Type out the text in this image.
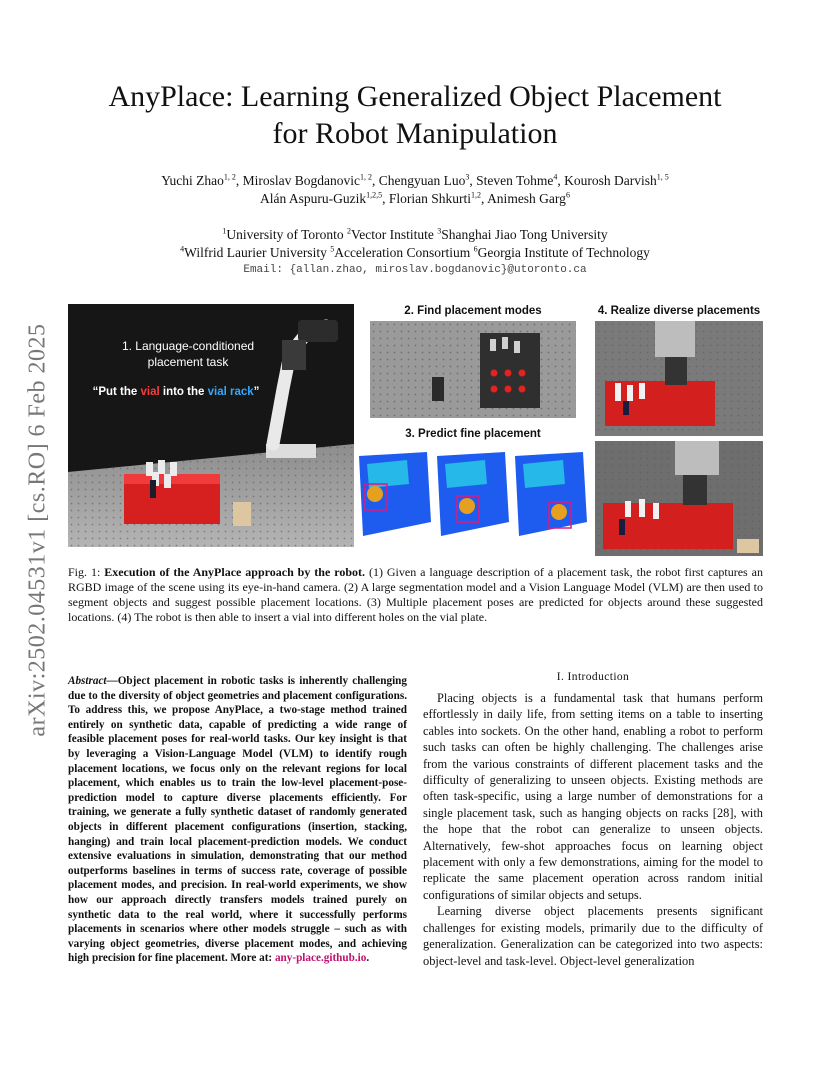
arXiv:2502.04531v1 [cs.RO] 6 Feb 2025
AnyPlace: Learning Generalized Object Placement
for Robot Manipulation
Yuchi Zhao$^{1, 2}$, Miroslav Bogdanovic$^{1, 2}$, Chengyuan Luo$^3$, Steven Tohme$^4$, Kourosh Darvish$^{1, 5}$
Alán Aspuru-Guzik$^{1,2,5}$, Florian Shkurti$^{1,2}$, Animesh Garg$^6$
$^1$University of Toronto $^2$Vector Institute $^3$Shanghai Jiao Tong University
$^4$Wilfrid Laurier University $^5$Acceleration Consortium $^6$Georgia Institute of Technology
Email: {allan.zhao, miroslav.bogdanovic}@utoronto.ca
1. Language-conditioned
placement task
“Put the vial into the vial rack”
2. Find placement modes	4. Realize diverse placements
3. Predict fine placement
Fig. 1: Execution of the AnyPlace approach by the robot. (1) Given a language description of a placement task, the robot first captures an RGBD image of the scene using its eye-in-hand camera. (2) A large segmentation model and a Vision Language Model (VLM) are then used to segment objects and suggest possible placement locations. (3) Multiple placement poses are predicted for objects around these suggested locations. (4) The robot is then able to insert a vial into different holes on the vial plate.
Abstract—Object placement in robotic tasks is inherently challenging due to the diversity of object geometries and placement configurations. To address this, we propose AnyPlace, a two-stage method trained entirely on synthetic data, capable of predicting a wide range of feasible placement poses for real-world tasks. Our key insight is that by leveraging a Vision-Language Model (VLM) to identify rough placement locations, we focus only on the relevant regions for local placement, which enables us to train the low-level placement-pose-prediction model to capture diverse placements efficiently. For training, we generate a fully synthetic dataset of randomly generated objects in different placement configurations (insertion, stacking, hanging) and train local placement-prediction models. We conduct extensive evaluations in simulation, demonstrating that our method outperforms baselines in terms of success rate, coverage of possible placement modes, and precision. In real-world experiments, we show how our approach directly transfers models trained purely on synthetic data to the real world, where it successfully performs placements in scenarios where other models struggle – such as with varying object geometries, diverse placement modes, and achieving high precision for fine placement. More at: any-place.github.io.
I. Introduction

Placing objects is a fundamental task that humans perform effortlessly in daily life, from setting items on a table to inserting cables into sockets. On the other hand, enabling a robot to perform such tasks can often be highly challenging. The challenges arise from the various constraints of different placement tasks and the difficulty of generalizing to unseen objects. Existing methods are often task-specific, using a large number of demonstrations for a single placement task, such as hanging objects on racks [28], with the hope that the robot can generalize to unseen objects. Alternatively, few-shot approaches focus on learning object placement with only a few demonstrations, aiming for the model to replicate the same placement operation across random initial configurations of similar objects and setups.

Learning diverse object placements presents significant challenges for existing models, primarily due to the difficulty of generalization. Generalization can be categorized into two aspects: object-level and task-level. Object-level generalization
